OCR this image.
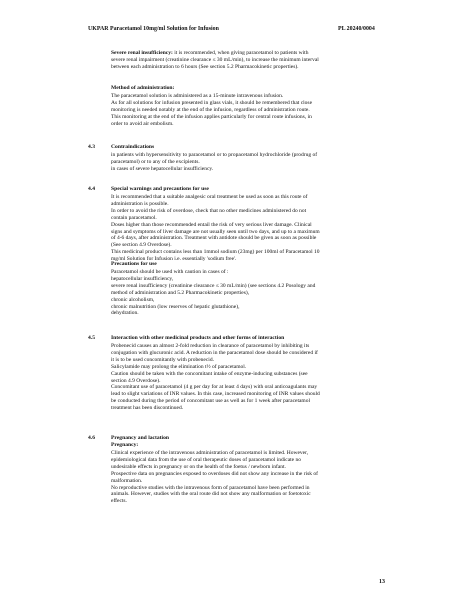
UKPAR Paracetamol 10mg/ml Solution for Infusion	PL 20240/0004

Severe renal insufficiency: it is recommended, when giving paracetamol to patients with
severe renal impairment (creatinine clearance ≤ 30 mL/min), to increase the minimum interval
between each administration to 6 hours (See section 5.2 Pharmacokinetic properties).

Method of administration:

The paracetamol solution is administered as a 15-minute intravenous infusion.
As for all solutions for infusion presented in glass vials, it should be remembered that close
monitoring is needed notably at the end of the infusion, regardless of administration route.
This monitoring at the end of the infusion applies particularly for central route infusions, in
order to avoid air embolism.

4.3	Contraindications

in patients with hypersensitivity to paracetamol or to propacetamol hydrochloride (prodrug of
paracetamol) or to any of the excipients.
in cases of severe hepatocellular insufficiency.

4.4	Special warnings and precautions for use

It is recommended that a suitable analgesic oral treatment be used as soon as this route of
administration is possible.
In order to avoid the risk of overdose, check that no other medicines administered do not
contain paracetamol.
Doses higher than those recommended entail the risk of very serious liver damage. Clinical
signs and symptoms of liver damage are not usually seen until two days, and up to a maximum
of 4-6 days, after administration. Treatment with antidote should be given as soon as possible
(See section 4.9 Overdose).
This medicinal product contains less than 1mmol sodium (23mg) per 100ml of Paracetamol 10
mg/ml Solution for Infusion i.e. essentially 'sodium free'.

Precautions for use

Paracetamol should be used with caution in cases of :
hepatocellular insufficiency,
severe renal insufficiency (creatinine clearance ≤ 30 mL/min) (see sections 4.2 Posology and
method of administration and 5.2 Pharmacokinetic properties),
chronic alcoholism,
chronic malnutrition (low reserves of hepatic glutathione),
dehydration.

4.5	Interaction with other medicinal products and other forms of interaction

Probenecid causes an almost 2-fold reduction in clearance of paracetamol by inhibiting its
conjugation with glucuronic acid. A reduction in the paracetamol dose should be considered if
it is to be used concomitantly with probenecid.
Salicylamide may prolong the elimination t½ of paracetamol.
Caution should be taken with the concomitant intake of enzyme-inducing substances (see
section 4.9 Overdose).
Concomitant use of paracetamol (4 g per day for at least 4 days) with oral anticoagulants may
lead to slight variations of INR values. In this case, increased monitoring of INR values should
be conducted during the period of concomitant use as well as for 1 week after paracetamol
treatment has been discontinued.

4.6	Pregnancy and lactation
Pregnancy:

Clinical experience of the intravenous administration of paracetamol is limited. However,
epidemiological data from the use of oral therapeutic doses of paracetamol indicate no
undesirable effects in pregnancy or on the health of the foetus / newborn infant.
Prospective data on pregnancies exposed to overdoses did not show any increase in the risk of
malformation.
No reproductive studies with the intravenous form of paracetamol have been performed in
animals. However, studies with the oral route did not show any malformation or foetotoxic
effects.

13
